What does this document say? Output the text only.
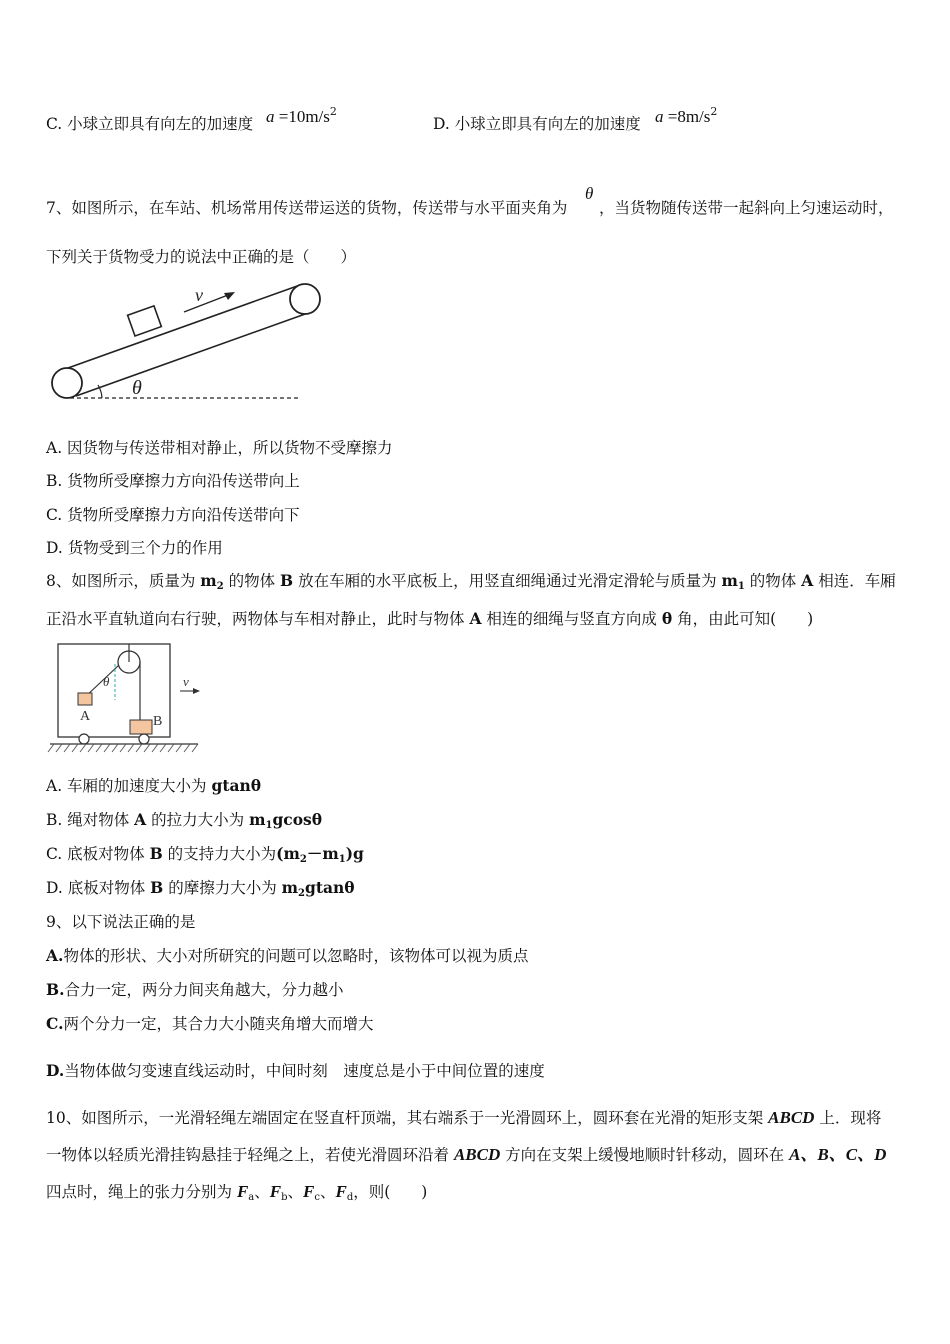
C. 小球立即具有向左的加速度 $a =10m/s^2$
D. 小球立即具有向左的加速度 $a =8m/s^2$
7、如图所示，在车站、机场常用传送带运送的货物，传送带与水平面夹角为
θ
，当货物随传送带一起斜向上匀速运动时，
下列关于货物受力的说法中正确的是（　　）
v
θ
A. 因货物与传送带相对静止，所以货物不受摩擦力
B. 货物所受摩擦力方向沿传送带向上
C. 货物所受摩擦力方向沿传送带向下
D. 货物受到三个力的作用
8、如图所示，质量为 $m_2$ 的物体 B 放在车厢的水平底板上，用竖直细绳通过光滑定滑轮与质量为 $m_1$ 的物体 A 相连．车厢
正沿水平直轨道向右行驶，两物体与车相对静止，此时与物体 A 相连的细绳与竖直方向成 θ 角，由此可知(　　)
θ
A	B
v
A. 车厢的加速度大小为 gtanθ
B. 绳对物体 A 的拉力大小为 $m_1gcos\theta$
C. 底板对物体 B 的支持力大小为$(m_2-m_1)g$
D. 底板对物体 B 的摩擦力大小为 $m_2gtan\theta$
9、以下说法正确的是
A.物体的形状、大小对所研究的问题可以忽略时，该物体可以视为质点
B.合力一定，两分力间夹角越大，分力越小
C.两个分力一定，其合力大小随夹角增大而增大
D.当物体做匀变速直线运动时，中间时刻　速度总是小于中间位置的速度
10、如图所示，一光滑轻绳左端固定在竖直杆顶端，其右端系于一光滑圆环上，圆环套在光滑的矩形支架 ABCD 上．现将
一物体以轻质光滑挂钩悬挂于轻绳之上，若使光滑圆环沿着 ABCD 方向在支架上缓慢地顺时针移动，圆环在 A、B、C、D
四点时，绳上的张力分别为 $F_a$、$F_b$、$F_c$、$F_d$，则(　　)
